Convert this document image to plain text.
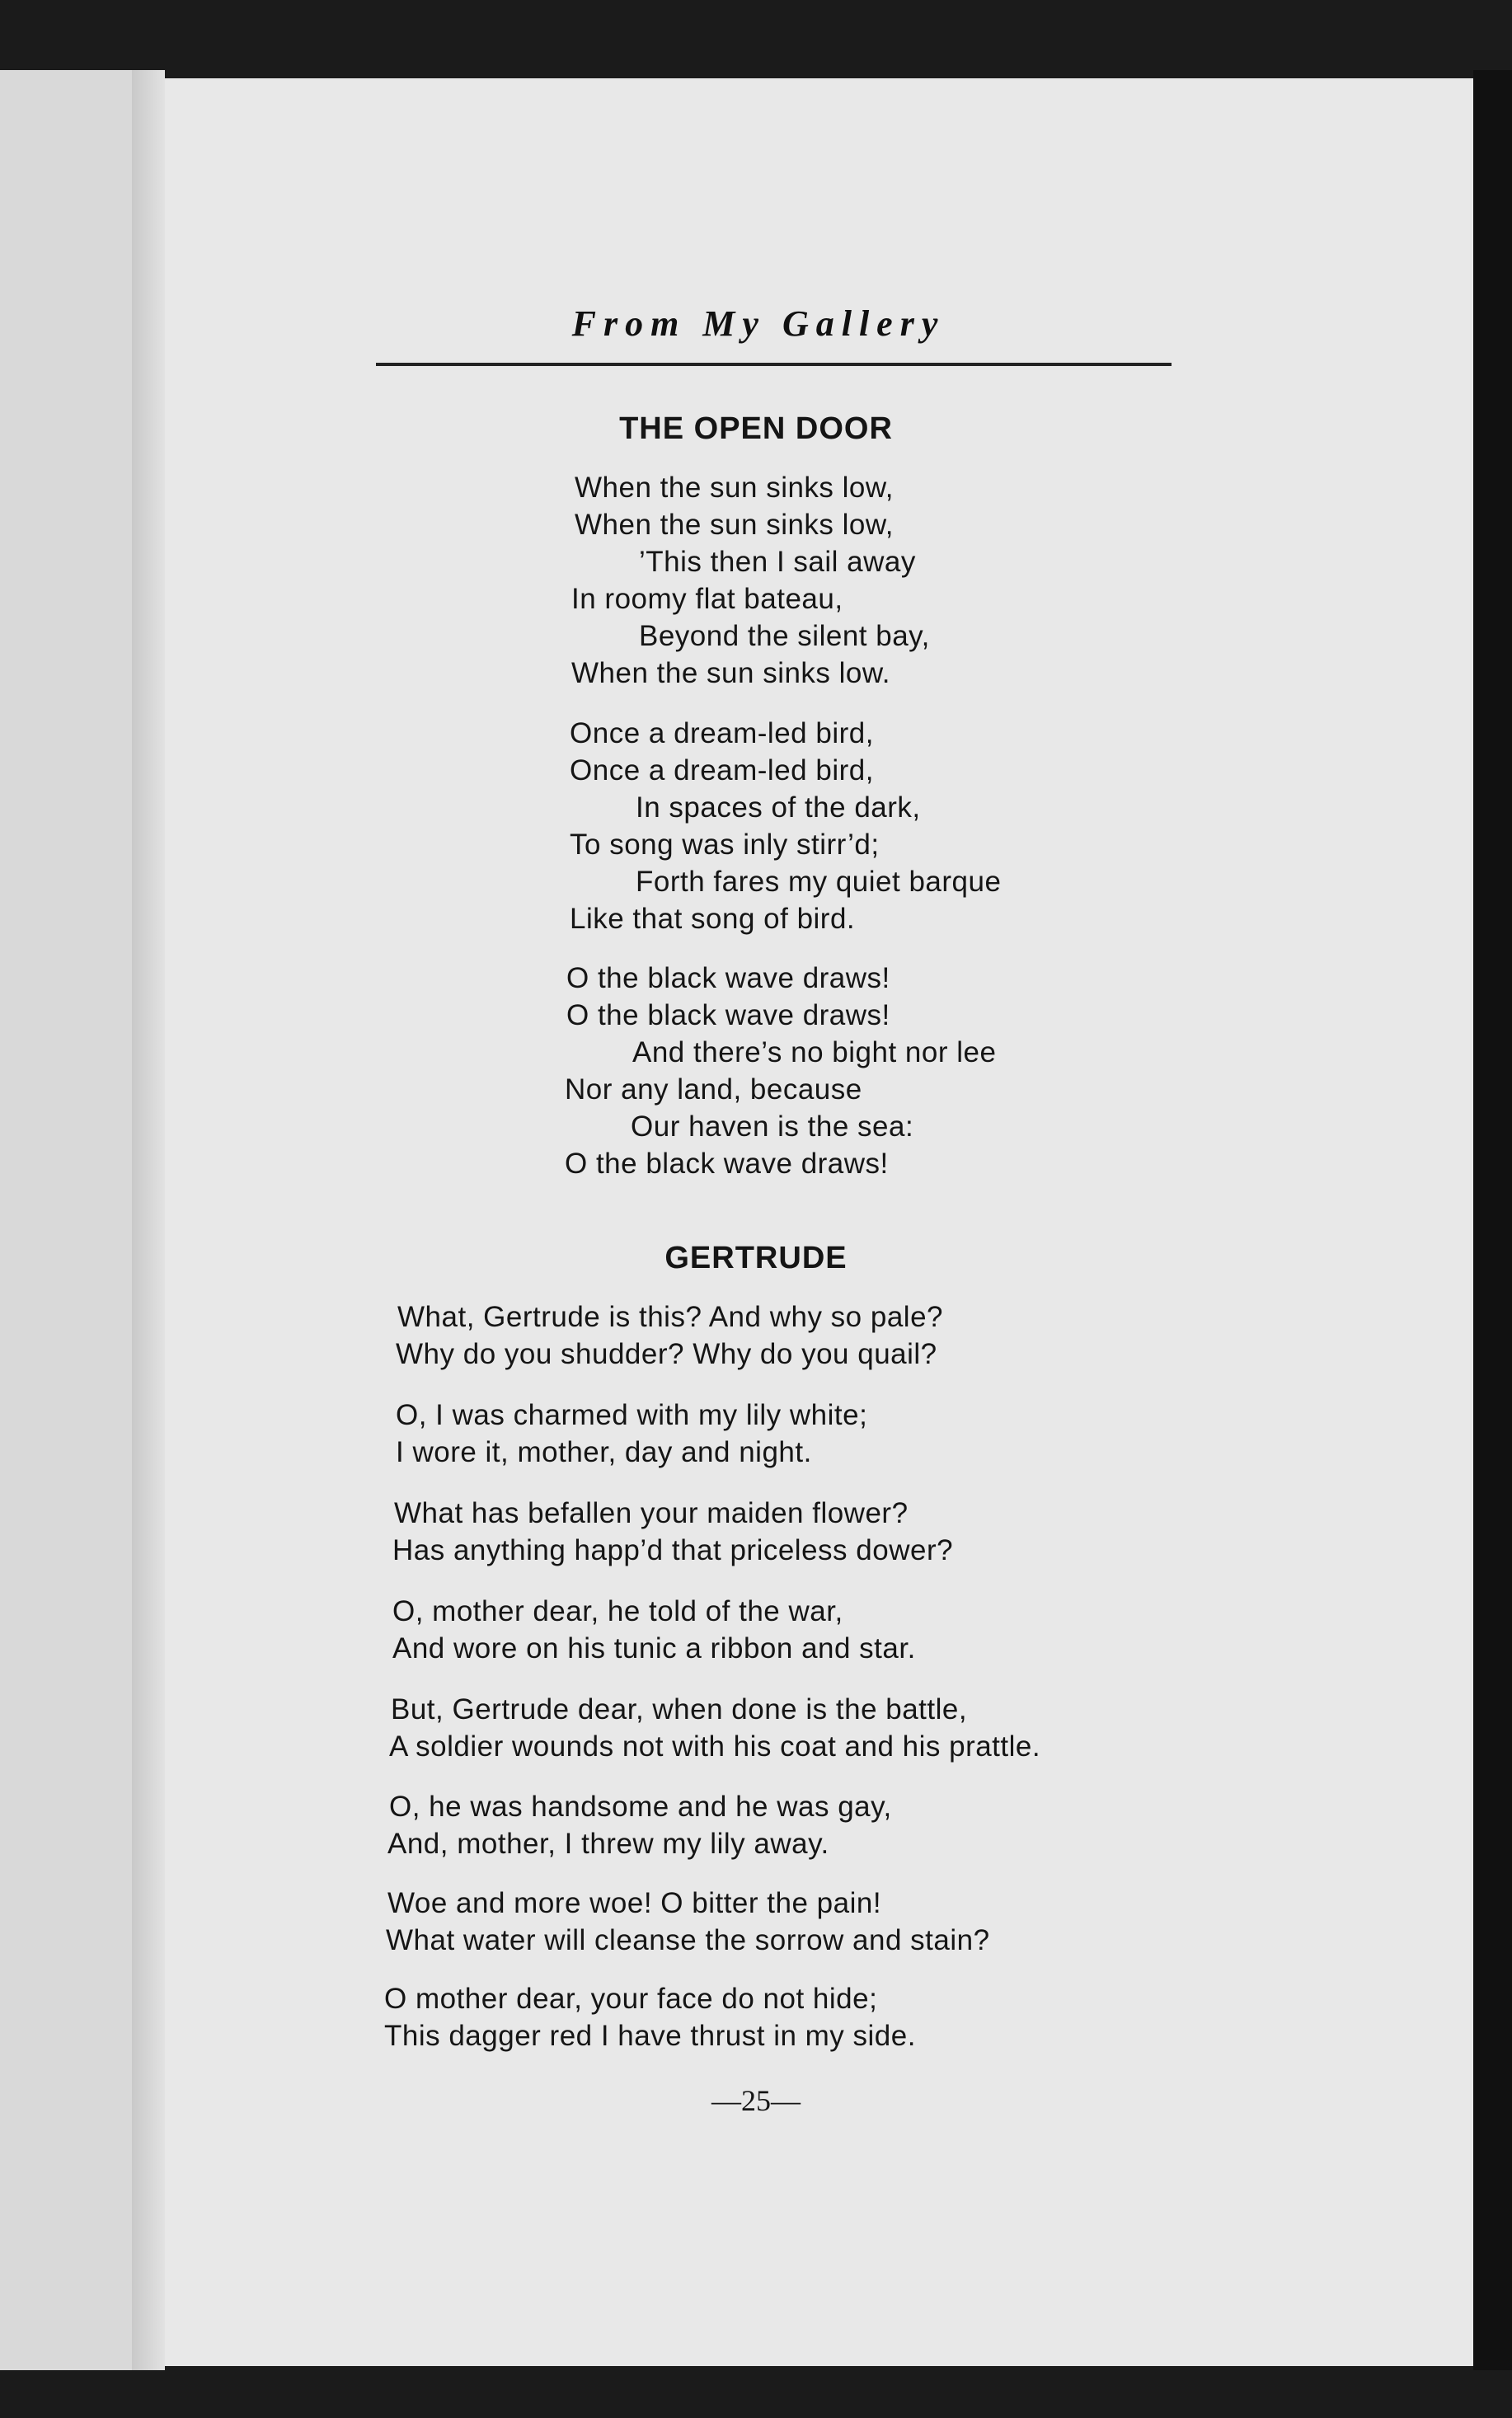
From My Gallery
THE OPEN DOOR

When the sun sinks low,

When the sun sinks low,

’This then I sail away

In roomy flat bateau,

Beyond the silent bay,

When the sun sinks low.

Once a dream-led bird,

Once a dream-led bird,

In spaces of the dark,

To song was inly stirr’d;

Forth fares my quiet barque

Like that song of bird.

O the black wave draws!

O the black wave draws!

And there’s no bight nor lee

Nor any land, because

Our haven is the sea:

O the black wave draws!

GERTRUDE

What, Gertrude is this? And why so pale?

Why do you shudder? Why do you quail?

O, I was charmed with my lily white;

I wore it, mother, day and night.

What has befallen your maiden flower?

Has anything happ’d that priceless dower?

O, mother dear, he told of the war,

And wore on his tunic a ribbon and star.

But, Gertrude dear, when done is the battle,

A soldier wounds not with his coat and his prattle.

O, he was handsome and he was gay,

And, mother, I threw my lily away.

Woe and more woe! O bitter the pain!

What water will cleanse the sorrow and stain?

O mother dear, your face do not hide;

This dagger red I have thrust in my side.

—25—
